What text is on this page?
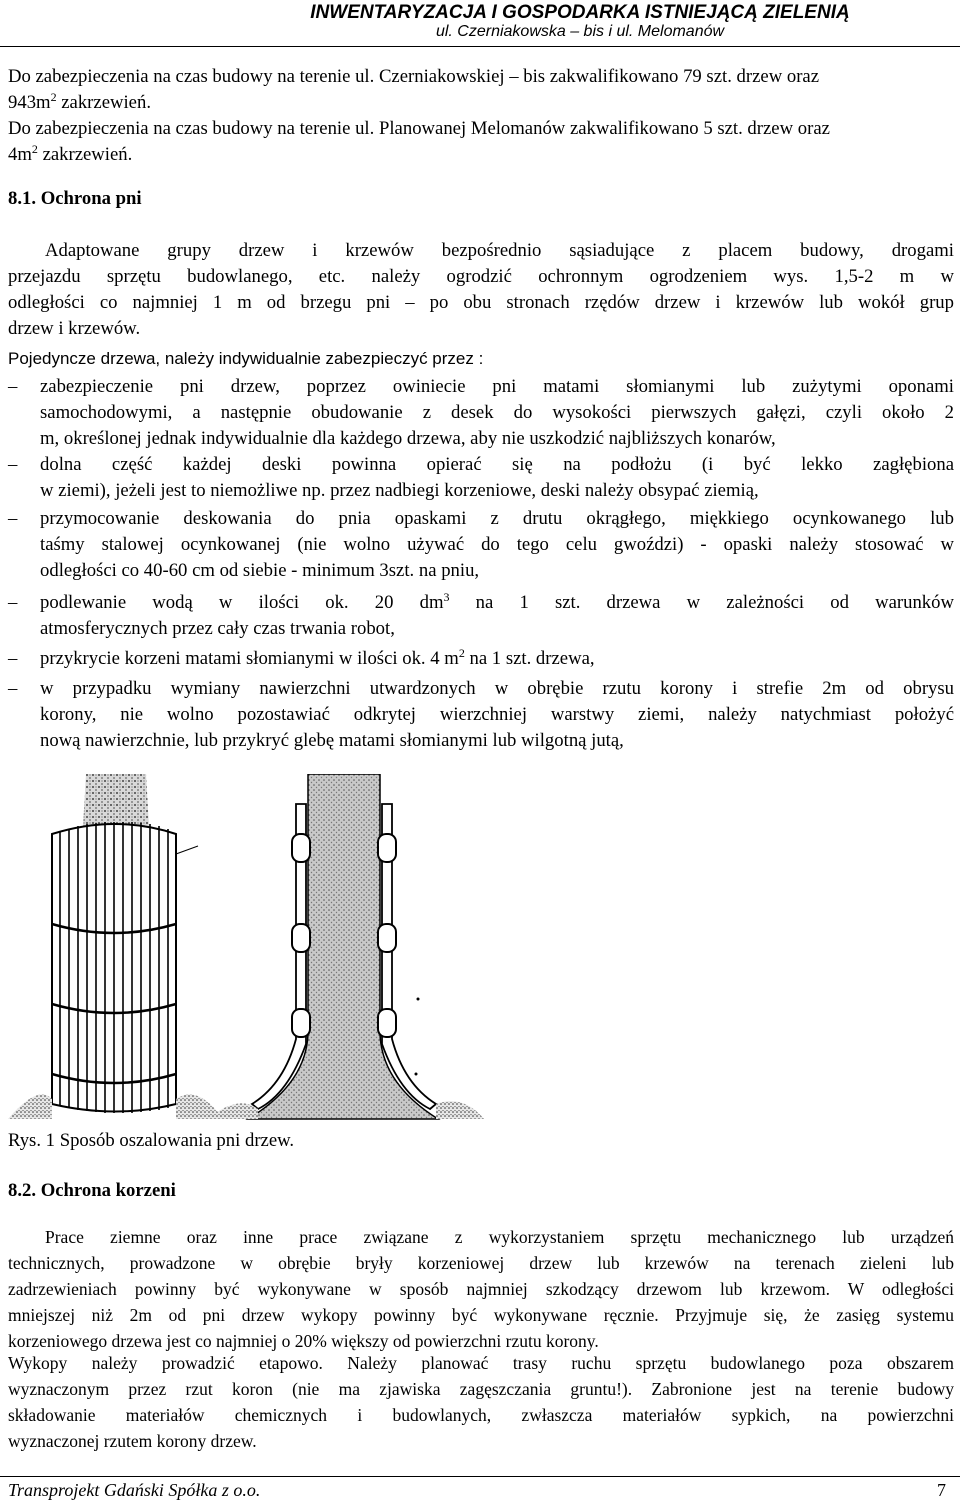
INWENTARYZACJA I GOSPODARKA ISTNIEJĄCĄ ZIELENIĄ
ul. Czerniakowska – bis i ul. Melomanów
Do zabezpieczenia na czas budowy na terenie ul. Czerniakowskiej – bis zakwalifikowano 79 szt. drzew oraz
$943m^2$ zakrzewień.
Do zabezpieczenia na czas budowy na terenie ul. Planowanej Melomanów zakwalifikowano 5 szt. drzew oraz
$4m^2$ zakrzewień.
8.1. Ochrona pni
Adaptowane grupy drzew i krzewów bezpośrednio sąsiadujące z placem budowy, drogami
przejazdu sprzętu budowlanego, etc. należy ogrodzić ochronnym ogrodzeniem wys. 1,5-2 m w
odległości co najmniej 1 m od brzegu pni – po obu stronach rzędów drzew i krzewów lub wokół grup
drzew i krzewów.
Pojedyncze drzewa, należy indywidualnie zabezpieczyć przez :
–	zabezpieczenie pni drzew, poprzez owiniecie pni matami słomianymi lub zużytymi oponami
samochodowymi, a następnie obudowanie z desek do wysokości pierwszych gałęzi, czyli około 2
m, określonej jednak indywidualnie dla każdego drzewa, aby nie uszkodzić najbliższych konarów,
–	dolna część każdej deski powinna opierać się na podłożu (i być lekko zagłębiona
w ziemi), jeżeli jest to niemożliwe np. przez nadbiegi korzeniowe, deski należy obsypać ziemią,
–	przymocowanie deskowania do pnia opaskami z drutu okrągłego, miękkiego ocynkowanego lub
taśmy stalowej ocynkowanej (nie wolno używać do tego celu gwoździ) - opaski należy stosować w
odległości co 40-60 cm od siebie - minimum 3szt. na pniu,
–	podlewanie wodą w ilości ok. 20 $dm^3$ na 1 szt. drzewa w zależności od warunków
atmosferycznych przez cały czas trwania robot,
–	przykrycie korzeni matami słomianymi w ilości ok. 4 $m^2$ na 1 szt. drzewa,
–	w przypadku wymiany nawierzchni utwardzonych w obrębie rzutu korony i strefie 2m od obrysu
korony, nie wolno pozostawiać odkrytej wierzchniej warstwy ziemi, należy natychmiast położyć
nową nawierzchnie, lub przykryć glebę matami słomianymi lub wilgotną jutą,
Rys. 1 Sposób oszalowania pni drzew.
8.2. Ochrona korzeni
Prace ziemne oraz inne prace związane z wykorzystaniem sprzętu mechanicznego lub urządzeń
technicznych, prowadzone w obrębie bryły korzeniowej drzew lub krzewów na terenach zieleni lub
zadrzewieniach powinny być wykonywane w sposób najmniej szkodzący drzewom lub krzewom. W odległości
mniejszej niż 2m od pni drzew wykopy powinny być wykonywane ręcznie. Przyjmuje się, że zasięg systemu
korzeniowego drzewa jest co najmniej o 20% większy od powierzchni rzutu korony.
Wykopy należy prowadzić etapowo. Należy planować trasy ruchu sprzętu budowlanego poza obszarem
wyznaczonym przez rzut koron (nie ma zjawiska zagęszczania gruntu!). Zabronione jest na terenie budowy
składowanie materiałów chemicznych i budowlanych, zwłaszcza materiałów sypkich, na powierzchni
wyznaczonej rzutem korony drzew.
Transprojekt Gdański Spółka z o.o.	7
